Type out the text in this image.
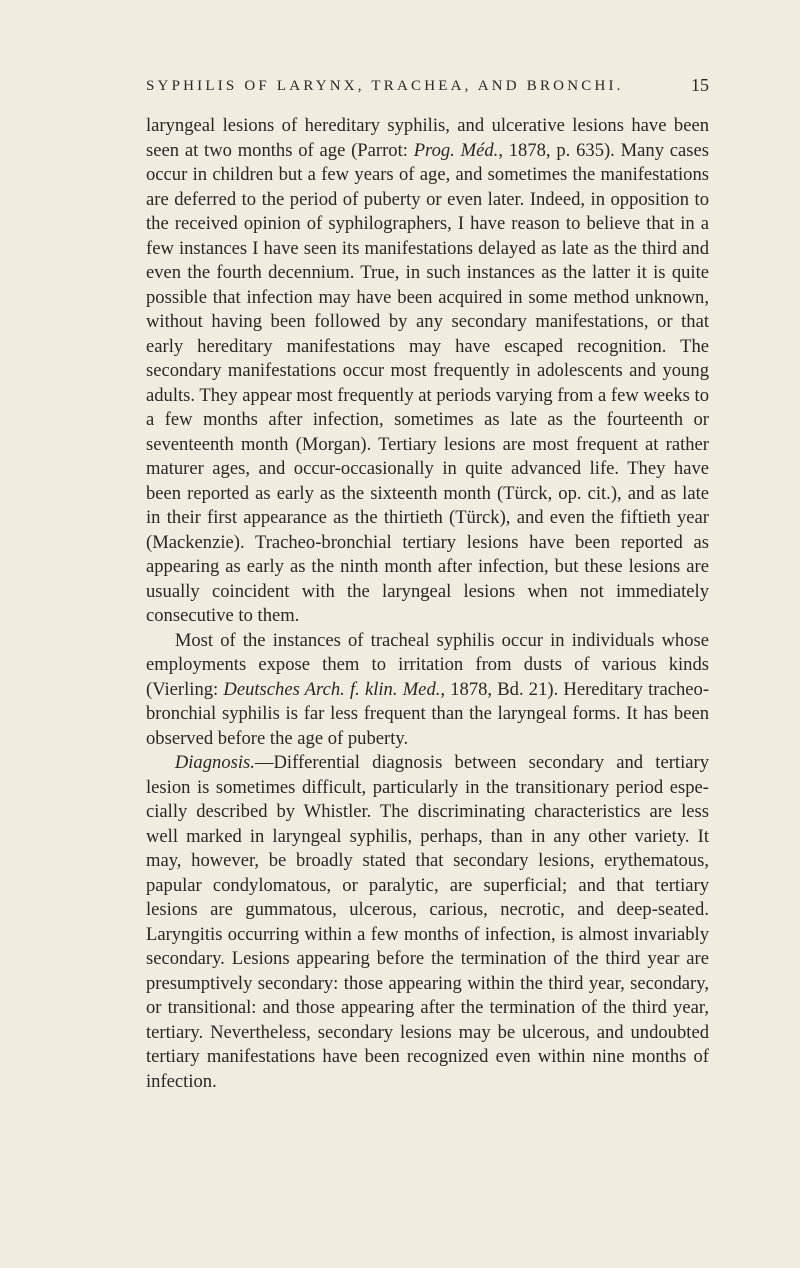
SYPHILIS OF LARYNX, TRACHEA, AND BRONCHI.	15

laryngeal lesions of hereditary syphilis, and ulcerative lesions have been seen at two months of age (Parrot: Prog. Méd., 1878, p. 635). Many cases occur in children but a few years of age, and sometimes the manifestations are deferred to the period of puberty or even later. Indeed, in opposition to the received opinion of syphilographers, I have reason to believe that in a few instances I have seen its manifestations delayed as late as the third and even the fourth decennium. True, in such instances as the latter it is quite possible that infection may have been acquired in some method unknown, without having been followed by any secondary manifestations, or that early hereditary manifestations may have escaped recognition. The secondary manifestations occur most frequently in adolescents and young adults. They appear most frequently at periods varying from a few weeks to a few months after infection, sometimes as late as the fourteenth or seventeenth month (Morgan). Tertiary lesions are most frequent at rather maturer ages, and occur-occasionally in quite advanced life. They have been reported as early as the sixteenth month (Türck, op. cit.), and as late in their first appearance as the thirtieth (Türck), and even the fiftieth year (Mackenzie). Tracheo-bronchial tertiary lesions have been reported as appearing as early as the ninth month after infection, but these lesions are usually coincident with the laryngeal lesions when not immediately consecutive to them.

Most of the instances of tracheal syphilis occur in individuals whose employments expose them to irritation from dusts of various kinds (Vierling: Deutsches Arch. f. klin. Med., 1878, Bd. 21). Hereditary tracheo-bronchial syphilis is far less frequent than the laryngeal forms. It has been observed before the age of puberty.

Diagnosis.—Differential diagnosis between secondary and tertiary lesion is sometimes difficult, particularly in the transitionary period especially described by Whistler. The discriminating characteristics are less well marked in laryngeal syphilis, perhaps, than in any other variety. It may, however, be broadly stated that secondary lesions, erythematous, papular condylomatous, or paralytic, are superficial; and that tertiary lesions are gummatous, ulcerous, carious, necrotic, and deep-seated. Laryngitis occurring within a few months of infection, is almost invariably secondary. Lesions appearing before the termination of the third year are presumptively secondary: those appearing within the third year, secondary, or transitional: and those appearing after the termination of the third year, tertiary. Nevertheless, secondary lesions may be ulcerous, and undoubted tertiary manifestations have been recognized even within nine months of infection.
